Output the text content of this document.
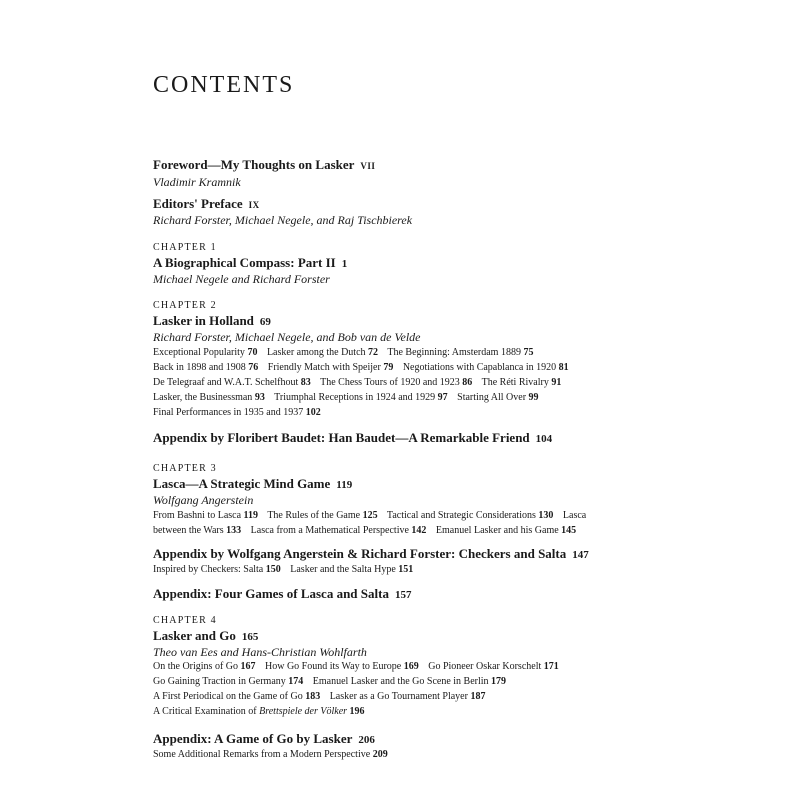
CONTENTS
Foreword—My Thoughts on Lasker VII
Vladimir Kramnik
Editors' Preface IX
Richard Forster, Michael Negele, and Raj Tischbierek
CHAPTER 1
A Biographical Compass: Part II 1
Michael Negele and Richard Forster
CHAPTER 2
Lasker in Holland 69
Richard Forster, Michael Negele, and Bob van de Velde
Exceptional Popularity 70 Lasker among the Dutch 72 The Beginning: Amsterdam 1889 75
Back in 1898 and 1908 76 Friendly Match with Speijer 79 Negotiations with Capablanca in 1920 81
De Telegraaf and W.A.T. Schelfhout 83 The Chess Tours of 1920 and 1923 86 The Réti Rivalry 91
Lasker, the Businessman 93 Triumphal Receptions in 1924 and 1929 97 Starting All Over 99
Final Performances in 1935 and 1937 102
Appendix by Floribert Baudet: Han Baudet—A Remarkable Friend 104
CHAPTER 3
Lasca—A Strategic Mind Game 119
Wolfgang Angerstein
From Bashni to Lasca 119 The Rules of the Game 125 Tactical and Strategic Considerations 130 Lasca
between the Wars 133 Lasca from a Mathematical Perspective 142 Emanuel Lasker and his Game 145
Appendix by Wolfgang Angerstein & Richard Forster: Checkers and Salta 147
Inspired by Checkers: Salta 150 Lasker and the Salta Hype 151
Appendix: Four Games of Lasca and Salta 157
CHAPTER 4
Lasker and Go 165
Theo van Ees and Hans-Christian Wohlfarth
On the Origins of Go 167 How Go Found its Way to Europe 169 Go Pioneer Oskar Korschelt 171
Go Gaining Traction in Germany 174 Emanuel Lasker and the Go Scene in Berlin 179
A First Periodical on the Game of Go 183 Lasker as a Go Tournament Player 187
A Critical Examination of Brettspiele der Völker 196
Appendix: A Game of Go by Lasker 206
Some Additional Remarks from a Modern Perspective 209
